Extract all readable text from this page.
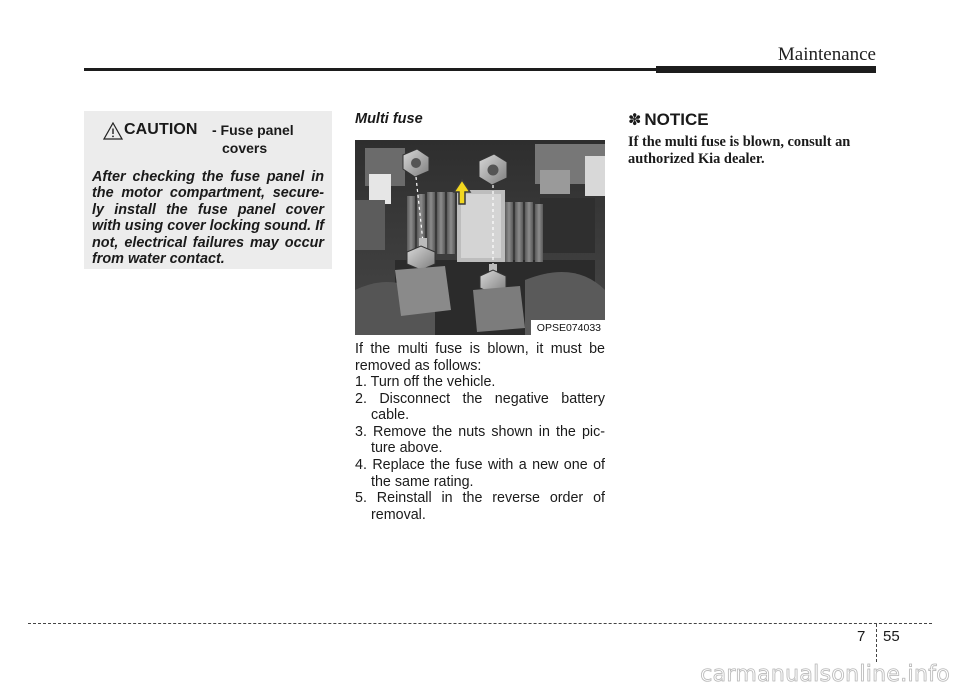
Maintenance
CAUTION - Fuse panel
covers
After checking the fuse panel in the motor compartment, secure-ly install the fuse panel cover with using cover locking sound. If not, electrical failures may occur from water contact.
Multi fuse
OPSE074033
If the multi fuse is blown, it must be removed as follows:
1. Turn off the vehicle.
2. Disconnect the negative battery cable.
3. Remove the nuts shown in the pic-ture above.
4. Replace the fuse with a new one of the same rating.
5. Reinstall in the reverse order of removal.
✽ NOTICE
If the multi fuse is blown, consult an authorized Kia dealer.
7 55
carmanualsonline.info
